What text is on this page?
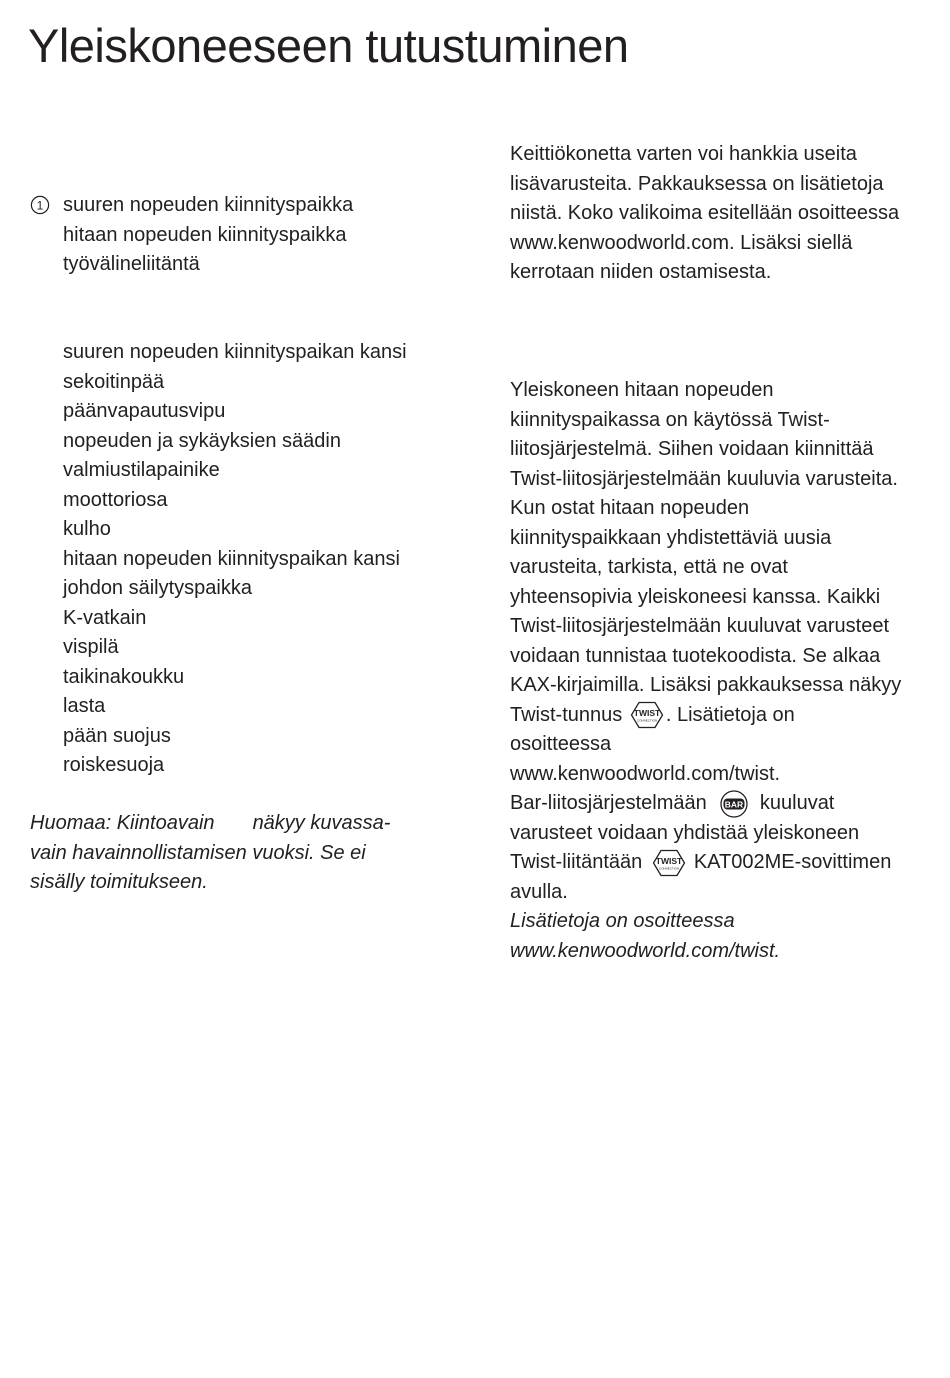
Yleiskoneeseen tutustuminen
1 suuren nopeuden kiinnityspaikka
hitaan nopeuden kiinnityspaikka
työvälineliitäntä
suuren nopeuden kiinnityspaikan kansi
sekoitinpää
päänvapautusvipu
nopeuden ja sykäyksien säädin
valmiustilapainike
moottoriosa
kulho
hitaan nopeuden kiinnityspaikan kansi
johdon säilytyspaikka
K-vatkain
vispilä
taikinakoukku
lasta
pään suojus
roiskesuoja
Huomaa: Kiintoavain näkyy kuvassa-
vain havainnollistamisen vuoksi. Se ei
sisälly toimitukseen.
Keittiökonetta varten voi hankkia useita
lisävarusteita. Pakkauksessa on lisätietoja
niistä. Koko valikoima esitellään osoitteessa
www.kenwoodworld.com. Lisäksi siellä
kerrotaan niiden ostamisesta.
Yleiskoneen hitaan nopeuden
kiinnityspaikassa on käytössä Twist-
liitosjärjestelmä. Siihen voidaan kiinnittää
Twist-liitosjärjestelmään kuuluvia varusteita.
Kun ostat hitaan nopeuden
kiinnityspaikkaan yhdistettäviä uusia
varusteita, tarkista, että ne ovat
yhteensopivia yleiskoneesi kanssa. Kaikki
Twist-liitosjärjestelmään kuuluvat varusteet
voidaan tunnistaa tuotekoodista. Se alkaa
KAX-kirjaimilla. Lisäksi pakkauksessa näkyy
Twist-tunnus TWIST
CONNECTION . Lisätietoja on
osoitteessa
www.kenwoodworld.com/twist.
Bar-liitosjärjestelmään BAR kuuluvat
varusteet voidaan yhdistää yleiskoneen
Twist-liitäntään TWIST
CONNECTION KAT002ME-sovittimen
avulla.
Lisätietoja on osoitteessa
www.kenwoodworld.com/twist.
